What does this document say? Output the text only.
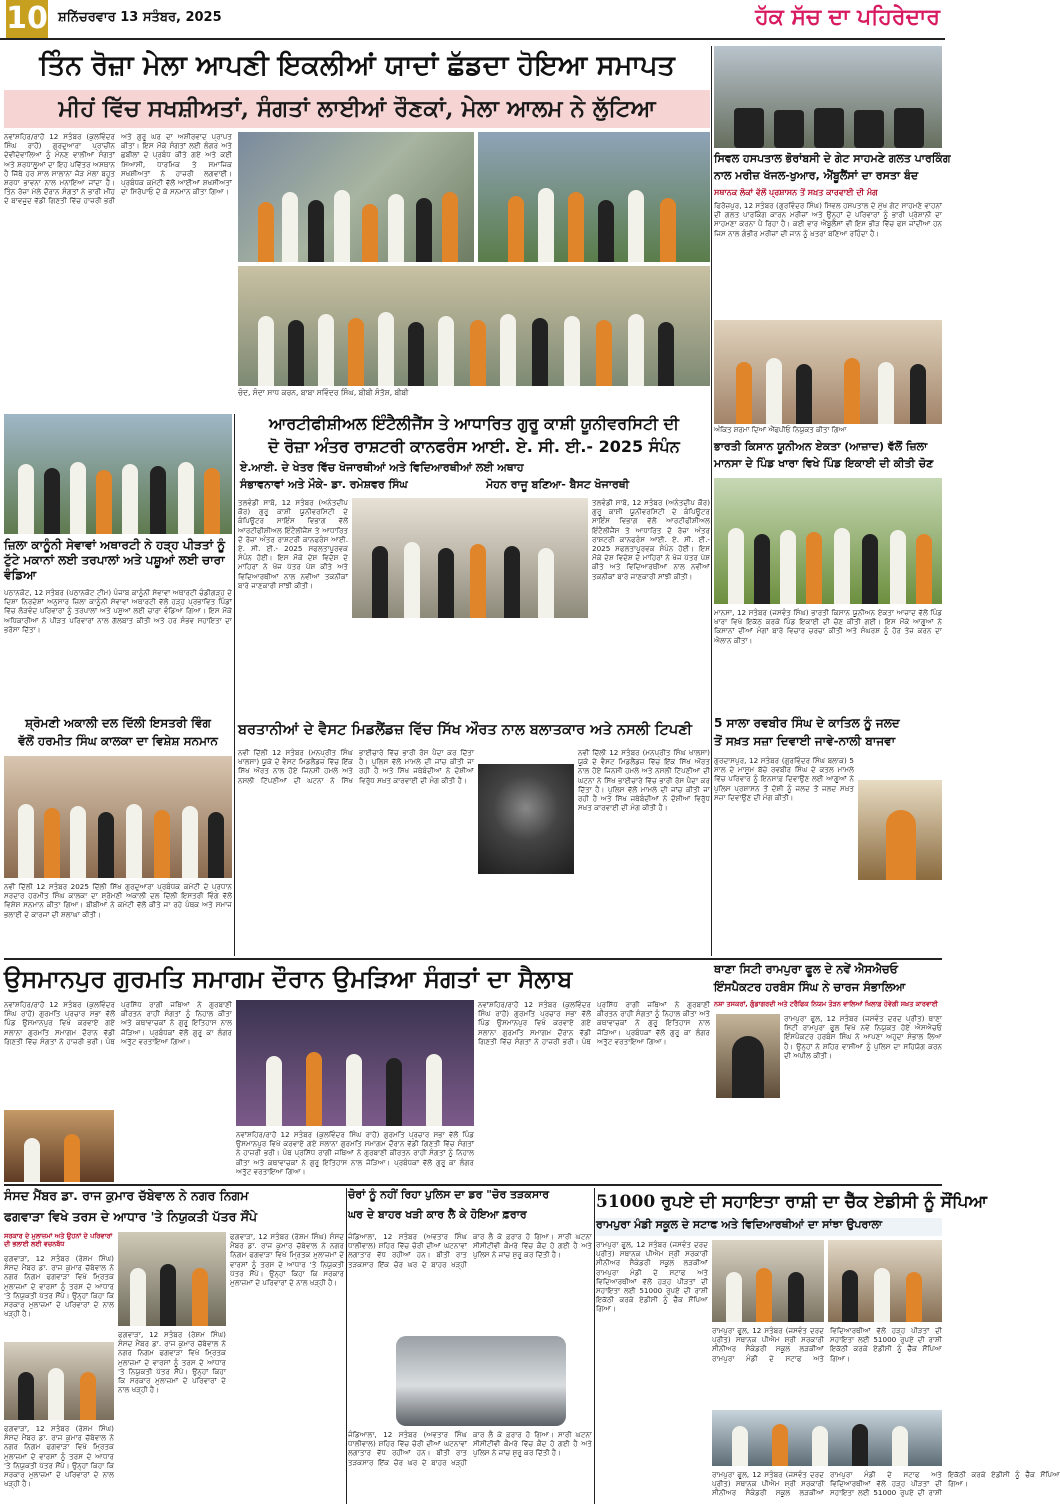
10 ਸ਼ਨਿੱਚਰਵਾਰ 13 ਸਤੰਬਰ, 2025	ਹੱਕ ਸੱਚ ਦਾ ਪਹਿਰੇਦਾਰ
ਤਿੰਨ ਰੋਜ਼ਾ ਮੇਲਾ ਆਪਣੀ ਇਕਲੀਆਂ ਯਾਦਾਂ ਛੱਡਦਾ ਹੋਇਆ ਸਮਾਪਤ
ਮੀਹਂ ਵਿੱਚ ਸਖਸ਼ੀਅਤਾਂ, ਸੰਗਤਾਂ ਲਾਈਆਂ ਰੌਣਕਾਂ, ਮੇਲਾ ਆਲਮ ਨੇ ਲੁੱਟਿਆ
ਨਵਾਂਸ਼ਹਿਰ/ਰਾਹੋਂ 12 ਸਤੰਬਰ (ਕੁਲਵਿੰਦਰ ਸਿੰਘ ਰਾਹੋਂ) ਗੁਰਦੁਆਰਾ ਪ੍ਰਾਚੀਨ ਦੇਵੀਦੇਵਾਲਿਆਂ ਨੂੰ ਮੰਨਣ ਵਾਲੀਆਂ ਸੰਗਤਾਂ ਅਤੇ ਸ਼ਰਧਾਲੂਆਂ ਦਾ ਇਹ ਪਵਿੱਤਰ ਅਸਥਾਨ ਹੈ ਜਿੱਥੇ ਹਰ ਸਾਲ ਸਾਲਾਨਾ ਜੋੜ ਮੇਲਾ ਬਹੁਤ ਸ਼ਰਧਾ ਭਾਵਨਾ ਨਾਲ ਮਨਾਇਆ ਜਾਂਦਾ ਹੈ। ਤਿੰਨ ਰੋਜ਼ਾ ਮੇਲੇ ਦੌਰਾਨ ਸੰਗਤਾਂ ਨੇ ਭਾਰੀ ਮੀਂਹ ਦੇ ਬਾਵਜੂਦ ਵੱਡੀ ਗਿਣਤੀ ਵਿੱਚ ਹਾਜ਼ਰੀ ਭਰੀ ਅਤੇ ਗੁਰੂ ਘਰ ਦਾ ਅਸ਼ੀਰਵਾਦ ਪ੍ਰਾਪਤ ਕੀਤਾ। ਇਸ ਮੌਕੇ ਸੰਗਤਾਂ ਲਈ ਲੰਗਰ ਅਤੇ ਛਬੀਲਾਂ ਦੇ ਪ੍ਰਬੰਧ ਕੀਤੇ ਗਏ ਅਤੇ ਕਈ ਸਿਆਸੀ, ਧਾਰਮਿਕ ਤੇ ਸਮਾਜਿਕ ਸਖਸ਼ੀਅਤਾਂ ਨੇ ਹਾਜ਼ਰੀ ਲਗਵਾਈ। ਪ੍ਰਬੰਧਕ ਕਮੇਟੀ ਵੱਲੋਂ ਆਈਆਂ ਸ਼ਖਸੀਅਤਾਂ ਦਾ ਸਿਰੋਪਾਓ ਦੇ ਕੇ ਸਨਮਾਨ ਕੀਤਾ ਗਿਆ।
ਚੰਦ, ਸੰਦਾ ਸਾਧ ਕਰਨ, ਬਾਬਾ ਸਵਿੰਦਰ ਸਿੰਘ, ਬੀਬੀ ਸੰਤੋਸ਼, ਬੀਬੀ
ਜ਼ਿਲਾ ਕਾਨੂੰਨੀ ਸੇਵਾਵਾਂ ਅਥਾਰਟੀ ਨੇ ਹੜ੍ਹ ਪੀੜਤਾਂ ਨੂੰ ਟੁੱਟੇ ਮਕਾਨਾਂ ਲਈ ਤਰਪਾਲਾਂ ਅਤੇ ਪਸ਼ੂਆਂ ਲਈ ਚਾਰਾ ਵੰਡਿਆ
ਪਠਾਨਕੋਟ, 12 ਸਤੰਬਰ (ਪਠਾਨਕੋਟ ਟੀਮ) ਪੰਜਾਬ ਕਾਨੂੰਨੀ ਸੇਵਾਵਾਂ ਅਥਾਰਟੀ ਚੰਡੀਗੜ੍ਹ ਦੇ ਦਿਸ਼ਾ ਨਿਰਦੇਸ਼ਾਂ ਅਨੁਸਾਰ ਜ਼ਿਲਾ ਕਾਨੂੰਨੀ ਸੇਵਾਵਾਂ ਅਥਾਰਟੀ ਵੱਲੋਂ ਹੜ੍ਹ ਪ੍ਰਭਾਵਿਤ ਪਿੰਡਾਂ ਵਿੱਚ ਲੋੜਵੰਦ ਪਰਿਵਾਰਾਂ ਨੂੰ ਤਰਪਾਲਾਂ ਅਤੇ ਪਸ਼ੂਆਂ ਲਈ ਚਾਰਾ ਵੰਡਿਆ ਗਿਆ। ਇਸ ਮੌਕੇ ਅਧਿਕਾਰੀਆਂ ਨੇ ਪੀੜਤ ਪਰਿਵਾਰਾਂ ਨਾਲ ਗੱਲਬਾਤ ਕੀਤੀ ਅਤੇ ਹਰ ਸੰਭਵ ਸਹਾਇਤਾ ਦਾ ਭਰੋਸਾ ਦਿੱਤਾ।
ਸ਼੍ਰੋਮਣੀ ਅਕਾਲੀ ਦਲ ਦਿੱਲੀ ਇਸਤਰੀ ਵਿੰਗ
ਵੱਲੋਂ ਹਰਮੀਤ ਸਿੰਘ ਕਾਲਕਾ ਦਾ ਵਿਸ਼ੇਸ਼ ਸਨਮਾਨ
ਨਵੀਂ ਦਿੱਲੀ 12 ਸਤੰਬਰ 2025 ਦਿੱਲੀ ਸਿੱਖ ਗੁਰਦੁਆਰਾ ਪ੍ਰਬੰਧਕ ਕਮੇਟੀ ਦੇ ਪ੍ਰਧਾਨ ਸਰਦਾਰ ਹਰਮੀਤ ਸਿੰਘ ਕਾਲਕਾ ਦਾ ਸ਼੍ਰੋਮਣੀ ਅਕਾਲੀ ਦਲ ਦਿੱਲੀ ਇਸਤਰੀ ਵਿੰਗ ਵੱਲੋਂ ਵਿਸ਼ੇਸ਼ ਸਨਮਾਨ ਕੀਤਾ ਗਿਆ। ਬੀਬੀਆਂ ਨੇ ਕਮੇਟੀ ਵੱਲੋਂ ਕੀਤੇ ਜਾ ਰਹੇ ਪੰਥਕ ਅਤੇ ਸਮਾਜ ਭਲਾਈ ਦੇ ਕਾਰਜਾਂ ਦੀ ਸ਼ਲਾਘਾ ਕੀਤੀ।
ਆਰਟੀਫੀਸ਼ੀਅਲ ਇੰਟੈਲੀਜੈਂਸ ਤੇ ਆਧਾਰਿਤ ਗੁਰੂ ਕਾਸ਼ੀ ਯੂਨੀਵਰਸਿਟੀ ਦੀ
ਦੋ ਰੋਜ਼ਾ ਅੰਤਰ ਰਾਸ਼ਟਰੀ ਕਾਨਫਰੰਸ ਆਈ. ਏ. ਸੀ. ਈ.- 2025 ਸੰਪੰਨ
ਏ.ਆਈ. ਦੇ ਖੇਤਰ ਵਿੱਚ ਖੋਜਾਰਥੀਆਂ ਅਤੇ ਵਿਦਿਆਰਥੀਆਂ ਲਈ ਅਥਾਹ
ਸੰਭਾਵਨਾਵਾਂ ਅਤੇ ਮੌਕੇ- ਡਾ. ਰਮੇਸ਼ਵਰ ਸਿੰਘ	ਮੋਹਨ ਰਾਜੂ ਬਣਿਆ- ਬੈਸਟ ਖੋਜਾਰਥੀ
ਤਲਵੰਡੀ ਸਾਬੋ, 12 ਸਤੰਬਰ (ਅਨੰਤਦੀਪ ਕੌਰ) ਗੁਰੂ ਕਾਸ਼ੀ ਯੂਨੀਵਰਸਿਟੀ ਦੇ ਕੰਪਿਊਟਰ ਸਾਇੰਸ ਵਿਭਾਗ ਵੱਲੋਂ ਆਰਟੀਫੀਸ਼ੀਅਲ ਇੰਟੈਲੀਜੈਂਸ ਤੇ ਆਧਾਰਿਤ ਦੋ ਰੋਜ਼ਾ ਅੰਤਰ ਰਾਸ਼ਟਰੀ ਕਾਨਫਰੰਸ ਆਈ. ਏ. ਸੀ. ਈ.- 2025 ਸਫਲਤਾਪੂਰਵਕ ਸੰਪੰਨ ਹੋਈ। ਇਸ ਮੌਕੇ ਦੇਸ਼ ਵਿਦੇਸ਼ ਦੇ ਮਾਹਿਰਾਂ ਨੇ ਖੋਜ ਪੱਤਰ ਪੇਸ਼ ਕੀਤੇ ਅਤੇ ਵਿਦਿਆਰਥੀਆਂ ਨਾਲ ਨਵੀਆਂ ਤਕਨੀਕਾਂ ਬਾਰੇ ਜਾਣਕਾਰੀ ਸਾਂਝੀ ਕੀਤੀ।
ਤਲਵੰਡੀ ਸਾਬੋ, 12 ਸਤੰਬਰ (ਅਨੰਤਦੀਪ ਕੌਰ) ਗੁਰੂ ਕਾਸ਼ੀ ਯੂਨੀਵਰਸਿਟੀ ਦੇ ਕੰਪਿਊਟਰ ਸਾਇੰਸ ਵਿਭਾਗ ਵੱਲੋਂ ਆਰਟੀਫੀਸ਼ੀਅਲ ਇੰਟੈਲੀਜੈਂਸ ਤੇ ਆਧਾਰਿਤ ਦੋ ਰੋਜ਼ਾ ਅੰਤਰ ਰਾਸ਼ਟਰੀ ਕਾਨਫਰੰਸ ਆਈ. ਏ. ਸੀ. ਈ.- 2025 ਸਫਲਤਾਪੂਰਵਕ ਸੰਪੰਨ ਹੋਈ। ਇਸ ਮੌਕੇ ਦੇਸ਼ ਵਿਦੇਸ਼ ਦੇ ਮਾਹਿਰਾਂ ਨੇ ਖੋਜ ਪੱਤਰ ਪੇਸ਼ ਕੀਤੇ ਅਤੇ ਵਿਦਿਆਰਥੀਆਂ ਨਾਲ ਨਵੀਆਂ ਤਕਨੀਕਾਂ ਬਾਰੇ ਜਾਣਕਾਰੀ ਸਾਂਝੀ ਕੀਤੀ।
ਬਰਤਾਨੀਆਂ ਦੇ ਵੈਸਟ ਮਿਡਲੈਂਡਜ਼ ਵਿੱਚ ਸਿੱਖ ਔਰਤ ਨਾਲ ਬਲਾਤਕਾਰ ਅਤੇ ਨਸਲੀ ਟਿਪਣੀ
ਨਵੀਂ ਦਿੱਲੀ 12 ਸਤੰਬਰ (ਮਨਪ੍ਰੀਤ ਸਿੰਘ ਖਾਲਸਾ) ਯੂਕੇ ਦੇ ਵੈਸਟ ਮਿਡਲੈਂਡਜ਼ ਵਿੱਚ ਇੱਕ ਸਿੱਖ ਔਰਤ ਨਾਲ ਹੋਏ ਜਿਨਸੀ ਹਮਲੇ ਅਤੇ ਨਸਲੀ ਟਿੱਪਣੀਆਂ ਦੀ ਘਟਨਾ ਨੇ ਸਿੱਖ ਭਾਈਚਾਰੇ ਵਿੱਚ ਭਾਰੀ ਰੋਸ ਪੈਦਾ ਕਰ ਦਿੱਤਾ ਹੈ। ਪੁਲਿਸ ਵੱਲੋਂ ਮਾਮਲੇ ਦੀ ਜਾਂਚ ਕੀਤੀ ਜਾ ਰਹੀ ਹੈ ਅਤੇ ਸਿੱਖ ਜਥੇਬੰਦੀਆਂ ਨੇ ਦੋਸ਼ੀਆਂ ਵਿਰੁੱਧ ਸਖ਼ਤ ਕਾਰਵਾਈ ਦੀ ਮੰਗ ਕੀਤੀ ਹੈ।
ਨਵੀਂ ਦਿੱਲੀ 12 ਸਤੰਬਰ (ਮਨਪ੍ਰੀਤ ਸਿੰਘ ਖਾਲਸਾ) ਯੂਕੇ ਦੇ ਵੈਸਟ ਮਿਡਲੈਂਡਜ਼ ਵਿੱਚ ਇੱਕ ਸਿੱਖ ਔਰਤ ਨਾਲ ਹੋਏ ਜਿਨਸੀ ਹਮਲੇ ਅਤੇ ਨਸਲੀ ਟਿੱਪਣੀਆਂ ਦੀ ਘਟਨਾ ਨੇ ਸਿੱਖ ਭਾਈਚਾਰੇ ਵਿੱਚ ਭਾਰੀ ਰੋਸ ਪੈਦਾ ਕਰ ਦਿੱਤਾ ਹੈ। ਪੁਲਿਸ ਵੱਲੋਂ ਮਾਮਲੇ ਦੀ ਜਾਂਚ ਕੀਤੀ ਜਾ ਰਹੀ ਹੈ ਅਤੇ ਸਿੱਖ ਜਥੇਬੰਦੀਆਂ ਨੇ ਦੋਸ਼ੀਆਂ ਵਿਰੁੱਧ ਸਖ਼ਤ ਕਾਰਵਾਈ ਦੀ ਮੰਗ ਕੀਤੀ ਹੈ।
ਸਿਵਲ ਹਸਪਤਾਲ ਭੋਰਾਂਬਸੀ ਦੇ ਗੇਟ ਸਾਹਮਣੇ ਗਲਤ ਪਾਰਕਿੰਗ
ਨਾਲ ਮਰੀਜ਼ ਖੱਜਲ-ਖੁਆਰ, ਐਂਬੂਲੈਂਸਾਂ ਦਾ ਰਸਤਾ ਬੰਦ
ਸਥਾਨਕ ਲੋਕਾਂ ਵੱਲੋਂ ਪ੍ਰਸ਼ਾਸਨ ਤੋਂ ਸਖ਼ਤ ਕਾਰਵਾਈ ਦੀ ਮੰਗ
ਫਿਰੋਜ਼ਪੁਰ, 12 ਸਤੰਬਰ (ਗੁਰਵਿੰਦਰ ਸਿੰਘ) ਸਿਵਲ ਹਸਪਤਾਲ ਦੇ ਮੁੱਖ ਗੇਟ ਸਾਹਮਣੇ ਵਾਹਨਾਂ ਦੀ ਗਲਤ ਪਾਰਕਿੰਗ ਕਾਰਨ ਮਰੀਜ਼ਾਂ ਅਤੇ ਉਨ੍ਹਾਂ ਦੇ ਪਰਿਵਾਰਾਂ ਨੂੰ ਭਾਰੀ ਪ੍ਰੇਸ਼ਾਨੀ ਦਾ ਸਾਹਮਣਾ ਕਰਨਾ ਪੈ ਰਿਹਾ ਹੈ। ਕਈ ਵਾਰ ਐਂਬੂਲੈਂਸਾਂ ਵੀ ਇਸ ਭੀੜ ਵਿੱਚ ਫਸ ਜਾਂਦੀਆਂ ਹਨ ਜਿਸ ਨਾਲ ਗੰਭੀਰ ਮਰੀਜ਼ਾਂ ਦੀ ਜਾਨ ਨੂੰ ਖ਼ਤਰਾ ਬਣਿਆ ਰਹਿੰਦਾ ਹੈ।
ਅੰਕਿਤ ਸ਼ਰਮਾ ਦਿਆਂ ਐੱਫਪੀਓ ਨਿਯੁਕਤ ਕੀਤਾ ਗਿਆ
ਭਾਰਤੀ ਕਿਸਾਨ ਯੂਨੀਅਨ ਏਕਤਾ (ਆਜ਼ਾਦ) ਵੱਲੋਂ ਜ਼ਿਲਾ
ਮਾਨਸਾ ਦੇ ਪਿੰਡ ਖਾਰਾ ਵਿਖੇ ਪਿੰਡ ਇਕਾਈ ਦੀ ਕੀਤੀ ਚੋਣ
ਮਾਨਸਾ, 12 ਸਤੰਬਰ (ਜਸਵੰਤ ਸਿੰਘ) ਭਾਰਤੀ ਕਿਸਾਨ ਯੂਨੀਅਨ ਏਕਤਾ ਆਜ਼ਾਦ ਵੱਲੋਂ ਪਿੰਡ ਖਾਰਾ ਵਿਖੇ ਇਕੱਠ ਕਰਕੇ ਪਿੰਡ ਇਕਾਈ ਦੀ ਚੋਣ ਕੀਤੀ ਗਈ। ਇਸ ਮੌਕੇ ਆਗੂਆਂ ਨੇ ਕਿਸਾਨਾਂ ਦੀਆਂ ਮੰਗਾਂ ਬਾਰੇ ਵਿਚਾਰ ਚਰਚਾ ਕੀਤੀ ਅਤੇ ਸੰਘਰਸ਼ ਨੂੰ ਹੋਰ ਤੇਜ਼ ਕਰਨ ਦਾ ਐਲਾਨ ਕੀਤਾ।
5 ਸਾਲਾ ਰਵਬੀਰ ਸਿੰਘ ਦੇ ਕਾਤਿਲ ਨੂੰ ਜਲਦ
ਤੋਂ ਸਖ਼ਤ ਸਜ਼ਾ ਦਿਵਾਈ ਜਾਵੇ-ਨਾਲੀ ਬਾਜਵਾ
ਗੁਰਦਾਸਪੁਰ, 12 ਸਤੰਬਰ (ਗੁਰਵਿੰਦਰ ਸਿੰਘ ਬਲਾਕ) 5 ਸਾਲ ਦੇ ਮਾਸੂਮ ਬੱਚੇ ਰਵਬੀਰ ਸਿੰਘ ਦੇ ਕਤਲ ਮਾਮਲੇ ਵਿੱਚ ਪਰਿਵਾਰ ਨੂੰ ਇਨਸਾਫ਼ ਦਿਵਾਉਣ ਲਈ ਆਗੂਆਂ ਨੇ ਪੁਲਿਸ ਪ੍ਰਸ਼ਾਸਨ ਤੋਂ ਦੋਸ਼ੀ ਨੂੰ ਜਲਦ ਤੋਂ ਜਲਦ ਸਖ਼ਤ ਸਜ਼ਾ ਦਿਵਾਉਣ ਦੀ ਮੰਗ ਕੀਤੀ।
ਉਸਮਾਨਪੁਰ ਗੁਰਮਤਿ ਸਮਾਗਮ ਦੌਰਾਨ ਉਮੜਿਆ ਸੰਗਤਾਂ ਦਾ ਸੈਲਾਬ
ਨਵਾਂਸ਼ਹਿਰ/ਰਾਹੋਂ 12 ਸਤੰਬਰ (ਕੁਲਵਿੰਦਰ ਸਿੰਘ ਰਾਹੋਂ) ਗੁਰਮਤਿ ਪ੍ਰਚਾਰ ਸਭਾ ਵੱਲੋਂ ਪਿੰਡ ਉਸਮਾਨਪੁਰ ਵਿਖੇ ਕਰਵਾਏ ਗਏ ਸਲਾਨਾ ਗੁਰਮਤਿ ਸਮਾਗਮ ਦੌਰਾਨ ਵੱਡੀ ਗਿਣਤੀ ਵਿੱਚ ਸੰਗਤਾਂ ਨੇ ਹਾਜ਼ਰੀ ਭਰੀ। ਪੰਥ ਪ੍ਰਸਿੱਧ ਰਾਗੀ ਜਥਿਆਂ ਨੇ ਗੁਰਬਾਣੀ ਕੀਰਤਨ ਰਾਹੀਂ ਸੰਗਤਾਂ ਨੂੰ ਨਿਹਾਲ ਕੀਤਾ ਅਤੇ ਕਥਾਵਾਚਕਾਂ ਨੇ ਗੁਰੂ ਇਤਿਹਾਸ ਨਾਲ ਜੋੜਿਆ। ਪ੍ਰਬੰਧਕਾਂ ਵੱਲੋਂ ਗੁਰੂ ਕਾ ਲੰਗਰ ਅਤੁੱਟ ਵਰਤਾਇਆ ਗਿਆ।
ਨਵਾਂਸ਼ਹਿਰ/ਰਾਹੋਂ 12 ਸਤੰਬਰ (ਕੁਲਵਿੰਦਰ ਸਿੰਘ ਰਾਹੋਂ) ਗੁਰਮਤਿ ਪ੍ਰਚਾਰ ਸਭਾ ਵੱਲੋਂ ਪਿੰਡ ਉਸਮਾਨਪੁਰ ਵਿਖੇ ਕਰਵਾਏ ਗਏ ਸਲਾਨਾ ਗੁਰਮਤਿ ਸਮਾਗਮ ਦੌਰਾਨ ਵੱਡੀ ਗਿਣਤੀ ਵਿੱਚ ਸੰਗਤਾਂ ਨੇ ਹਾਜ਼ਰੀ ਭਰੀ। ਪੰਥ ਪ੍ਰਸਿੱਧ ਰਾਗੀ ਜਥਿਆਂ ਨੇ ਗੁਰਬਾਣੀ ਕੀਰਤਨ ਰਾਹੀਂ ਸੰਗਤਾਂ ਨੂੰ ਨਿਹਾਲ ਕੀਤਾ ਅਤੇ ਕਥਾਵਾਚਕਾਂ ਨੇ ਗੁਰੂ ਇਤਿਹਾਸ ਨਾਲ ਜੋੜਿਆ। ਪ੍ਰਬੰਧਕਾਂ ਵੱਲੋਂ ਗੁਰੂ ਕਾ ਲੰਗਰ ਅਤੁੱਟ ਵਰਤਾਇਆ ਗਿਆ।
ਨਵਾਂਸ਼ਹਿਰ/ਰਾਹੋਂ 12 ਸਤੰਬਰ (ਕੁਲਵਿੰਦਰ ਸਿੰਘ ਰਾਹੋਂ) ਗੁਰਮਤਿ ਪ੍ਰਚਾਰ ਸਭਾ ਵੱਲੋਂ ਪਿੰਡ ਉਸਮਾਨਪੁਰ ਵਿਖੇ ਕਰਵਾਏ ਗਏ ਸਲਾਨਾ ਗੁਰਮਤਿ ਸਮਾਗਮ ਦੌਰਾਨ ਵੱਡੀ ਗਿਣਤੀ ਵਿੱਚ ਸੰਗਤਾਂ ਨੇ ਹਾਜ਼ਰੀ ਭਰੀ। ਪੰਥ ਪ੍ਰਸਿੱਧ ਰਾਗੀ ਜਥਿਆਂ ਨੇ ਗੁਰਬਾਣੀ ਕੀਰਤਨ ਰਾਹੀਂ ਸੰਗਤਾਂ ਨੂੰ ਨਿਹਾਲ ਕੀਤਾ ਅਤੇ ਕਥਾਵਾਚਕਾਂ ਨੇ ਗੁਰੂ ਇਤਿਹਾਸ ਨਾਲ ਜੋੜਿਆ। ਪ੍ਰਬੰਧਕਾਂ ਵੱਲੋਂ ਗੁਰੂ ਕਾ ਲੰਗਰ ਅਤੁੱਟ ਵਰਤਾਇਆ ਗਿਆ।
ਥਾਣਾ ਸਿਟੀ ਰਾਮਪੁਰਾ ਫੂਲ ਦੇ ਨਵੇਂ ਐਸਐਚਓ
ਇੰਸਪੈਕਟਰ ਹਰਬੰਸ ਸਿੰਘ ਨੇ ਚਾਰਜ ਸੰਭਾਲਿਆ
ਨਸ਼ਾ ਤਸਕਰਾਂ, ਗੁੰਡਾਗਰਦੀ ਅਤੇ ਟਰੈਫਿਕ ਨਿਯਮ ਤੋੜਨ ਵਾਲਿਆਂ ਖਿਲਾਫ਼ ਹੋਵੇਗੀ ਸਖ਼ਤ ਕਾਰਵਾਈ
ਰਾਮਪੁਰਾ ਫੂਲ, 12 ਸਤੰਬਰ (ਜਸਵੰਤ ਦਰਦ ਪ੍ਰੀਤ) ਥਾਣਾ ਸਿਟੀ ਰਾਮਪੁਰਾ ਫੂਲ ਵਿਖੇ ਨਵੇਂ ਨਿਯੁਕਤ ਹੋਏ ਐਸਐਚਓ ਇੰਸਪੈਕਟਰ ਹਰਬੰਸ ਸਿੰਘ ਨੇ ਆਪਣਾ ਅਹੁਦਾ ਸੰਭਾਲ ਲਿਆ ਹੈ। ਉਨ੍ਹਾਂ ਨੇ ਸ਼ਹਿਰ ਵਾਸੀਆਂ ਨੂੰ ਪੁਲਿਸ ਦਾ ਸਹਿਯੋਗ ਕਰਨ ਦੀ ਅਪੀਲ ਕੀਤੀ।
ਸੰਸਦ ਮੈਂਬਰ ਡਾ. ਰਾਜ ਕੁਮਾਰ ਚੱਬੇਵਾਲ ਨੇ ਨਗਰ ਨਿਗਮ
ਫਗਵਾੜਾ ਵਿਖੇ ਤਰਸ ਦੇ ਆਧਾਰ 'ਤੇ ਨਿਯੁਕਤੀ ਪੱਤਰ ਸੌਂਪੇ
ਸਰਕਾਰ ਦੇ ਮੁਲਾਜ਼ਮਾਂ ਅਤੇ ਉਹਨਾਂ ਦੇ ਪਰਿਵਾਰਾਂ ਦੀ ਭਲਾਈ ਲਈ ਵਚਨਬੱਧ
ਫਗਵਾੜਾ, 12 ਸਤੰਬਰ (ਰੇਸ਼ਮ ਸਿੰਘ) ਸੰਸਦ ਮੈਂਬਰ ਡਾ. ਰਾਜ ਕੁਮਾਰ ਚੱਬੇਵਾਲ ਨੇ ਨਗਰ ਨਿਗਮ ਫਗਵਾੜਾ ਵਿਖੇ ਮ੍ਰਿਤਕ ਮੁਲਾਜ਼ਮਾਂ ਦੇ ਵਾਰਸਾਂ ਨੂੰ ਤਰਸ ਦੇ ਆਧਾਰ 'ਤੇ ਨਿਯੁਕਤੀ ਪੱਤਰ ਸੌਂਪੇ। ਉਨ੍ਹਾਂ ਕਿਹਾ ਕਿ ਸਰਕਾਰ ਮੁਲਾਜ਼ਮਾਂ ਦੇ ਪਰਿਵਾਰਾਂ ਦੇ ਨਾਲ ਖੜ੍ਹੀ ਹੈ।
ਫਗਵਾੜਾ, 12 ਸਤੰਬਰ (ਰੇਸ਼ਮ ਸਿੰਘ) ਸੰਸਦ ਮੈਂਬਰ ਡਾ. ਰਾਜ ਕੁਮਾਰ ਚੱਬੇਵਾਲ ਨੇ ਨਗਰ ਨਿਗਮ ਫਗਵਾੜਾ ਵਿਖੇ ਮ੍ਰਿਤਕ ਮੁਲਾਜ਼ਮਾਂ ਦੇ ਵਾਰਸਾਂ ਨੂੰ ਤਰਸ ਦੇ ਆਧਾਰ 'ਤੇ ਨਿਯੁਕਤੀ ਪੱਤਰ ਸੌਂਪੇ। ਉਨ੍ਹਾਂ ਕਿਹਾ ਕਿ ਸਰਕਾਰ ਮੁਲਾਜ਼ਮਾਂ ਦੇ ਪਰਿਵਾਰਾਂ ਦੇ ਨਾਲ ਖੜ੍ਹੀ ਹੈ।
ਫਗਵਾੜਾ, 12 ਸਤੰਬਰ (ਰੇਸ਼ਮ ਸਿੰਘ) ਸੰਸਦ ਮੈਂਬਰ ਡਾ. ਰਾਜ ਕੁਮਾਰ ਚੱਬੇਵਾਲ ਨੇ ਨਗਰ ਨਿਗਮ ਫਗਵਾੜਾ ਵਿਖੇ ਮ੍ਰਿਤਕ ਮੁਲਾਜ਼ਮਾਂ ਦੇ ਵਾਰਸਾਂ ਨੂੰ ਤਰਸ ਦੇ ਆਧਾਰ 'ਤੇ ਨਿਯੁਕਤੀ ਪੱਤਰ ਸੌਂਪੇ। ਉਨ੍ਹਾਂ ਕਿਹਾ ਕਿ ਸਰਕਾਰ ਮੁਲਾਜ਼ਮਾਂ ਦੇ ਪਰਿਵਾਰਾਂ ਦੇ ਨਾਲ ਖੜ੍ਹੀ ਹੈ।
ਫਗਵਾੜਾ, 12 ਸਤੰਬਰ (ਰੇਸ਼ਮ ਸਿੰਘ) ਸੰਸਦ ਮੈਂਬਰ ਡਾ. ਰਾਜ ਕੁਮਾਰ ਚੱਬੇਵਾਲ ਨੇ ਨਗਰ ਨਿਗਮ ਫਗਵਾੜਾ ਵਿਖੇ ਮ੍ਰਿਤਕ ਮੁਲਾਜ਼ਮਾਂ ਦੇ ਵਾਰਸਾਂ ਨੂੰ ਤਰਸ ਦੇ ਆਧਾਰ 'ਤੇ ਨਿਯੁਕਤੀ ਪੱਤਰ ਸੌਂਪੇ। ਉਨ੍ਹਾਂ ਕਿਹਾ ਕਿ ਸਰਕਾਰ ਮੁਲਾਜ਼ਮਾਂ ਦੇ ਪਰਿਵਾਰਾਂ ਦੇ ਨਾਲ ਖੜ੍ਹੀ ਹੈ।
ਚੋਰਾਂ ਨੂੰ ਨਹੀਂ ਰਿਹਾ ਪੁਲਿਸ ਦਾ ਡਰ "ਚੋਰ ਤੜਕਸਾਰ
ਘਰ ਦੇ ਬਾਹਰ ਖੜੀ ਕਾਰ ਲੈ ਕੇ ਹੋਇਆ ਫ਼ਰਾਰ
ਜੰਡਿਆਲਾ, 12 ਸਤੰਬਰ (ਅਵਤਾਰ ਸਿੰਘ ਧਾਲੀਵਾਲ) ਸ਼ਹਿਰ ਵਿੱਚ ਚੋਰੀ ਦੀਆਂ ਘਟਨਾਵਾਂ ਲਗਾਤਾਰ ਵੱਧ ਰਹੀਆਂ ਹਨ। ਬੀਤੀ ਰਾਤ ਤੜਕਸਾਰ ਇੱਕ ਚੋਰ ਘਰ ਦੇ ਬਾਹਰ ਖੜ੍ਹੀ ਕਾਰ ਲੈ ਕੇ ਫ਼ਰਾਰ ਹੋ ਗਿਆ। ਸਾਰੀ ਘਟਨਾ ਸੀਸੀਟੀਵੀ ਕੈਮਰੇ ਵਿੱਚ ਕੈਦ ਹੋ ਗਈ ਹੈ ਅਤੇ ਪੁਲਿਸ ਨੇ ਜਾਂਚ ਸ਼ੁਰੂ ਕਰ ਦਿੱਤੀ ਹੈ।
ਜੰਡਿਆਲਾ, 12 ਸਤੰਬਰ (ਅਵਤਾਰ ਸਿੰਘ ਧਾਲੀਵਾਲ) ਸ਼ਹਿਰ ਵਿੱਚ ਚੋਰੀ ਦੀਆਂ ਘਟਨਾਵਾਂ ਲਗਾਤਾਰ ਵੱਧ ਰਹੀਆਂ ਹਨ। ਬੀਤੀ ਰਾਤ ਤੜਕਸਾਰ ਇੱਕ ਚੋਰ ਘਰ ਦੇ ਬਾਹਰ ਖੜ੍ਹੀ ਕਾਰ ਲੈ ਕੇ ਫ਼ਰਾਰ ਹੋ ਗਿਆ। ਸਾਰੀ ਘਟਨਾ ਸੀਸੀਟੀਵੀ ਕੈਮਰੇ ਵਿੱਚ ਕੈਦ ਹੋ ਗਈ ਹੈ ਅਤੇ ਪੁਲਿਸ ਨੇ ਜਾਂਚ ਸ਼ੁਰੂ ਕਰ ਦਿੱਤੀ ਹੈ।
51000 ਰੁਪਏ ਦੀ ਸਹਾਇਤਾ ਰਾਸ਼ੀ ਦਾ ਚੈੱਕ ਏਡੀਸੀ ਨੂੰ ਸੌਂਪਿਆ
ਰਾਮਪੁਰਾ ਮੰਡੀ ਸਕੂਲ ਦੇ ਸਟਾਫ ਅਤੇ ਵਿਦਿਆਰਥੀਆਂ ਦਾ ਸਾਂਝਾ ਉਪਰਾਲਾ
ਰਾਮਪੁਰਾ ਫੂਲ, 12 ਸਤੰਬਰ (ਜਸਵੰਤ ਦਰਦ ਪ੍ਰੀਤ) ਸਥਾਨਕ ਪੀਐਮ ਸ਼੍ਰੀ ਸਰਕਾਰੀ ਸੀਨੀਅਰ ਸੈਕੰਡਰੀ ਸਕੂਲ ਲੜਕੀਆਂ ਰਾਮਪੁਰਾ ਮੰਡੀ ਦੇ ਸਟਾਫ ਅਤੇ ਵਿਦਿਆਰਥੀਆਂ ਵੱਲੋਂ ਹੜ੍ਹ ਪੀੜਤਾਂ ਦੀ ਸਹਾਇਤਾ ਲਈ 51000 ਰੁਪਏ ਦੀ ਰਾਸ਼ੀ ਇਕੱਠੀ ਕਰਕੇ ਏਡੀਸੀ ਨੂੰ ਚੈੱਕ ਸੌਂਪਿਆ ਗਿਆ।
ਰਾਮਪੁਰਾ ਫੂਲ, 12 ਸਤੰਬਰ (ਜਸਵੰਤ ਦਰਦ ਪ੍ਰੀਤ) ਸਥਾਨਕ ਪੀਐਮ ਸ਼੍ਰੀ ਸਰਕਾਰੀ ਸੀਨੀਅਰ ਸੈਕੰਡਰੀ ਸਕੂਲ ਲੜਕੀਆਂ ਰਾਮਪੁਰਾ ਮੰਡੀ ਦੇ ਸਟਾਫ ਅਤੇ ਵਿਦਿਆਰਥੀਆਂ ਵੱਲੋਂ ਹੜ੍ਹ ਪੀੜਤਾਂ ਦੀ ਸਹਾਇਤਾ ਲਈ 51000 ਰੁਪਏ ਦੀ ਰਾਸ਼ੀ ਇਕੱਠੀ ਕਰਕੇ ਏਡੀਸੀ ਨੂੰ ਚੈੱਕ ਸੌਂਪਿਆ ਗਿਆ।
ਰਾਮਪੁਰਾ ਫੂਲ, 12 ਸਤੰਬਰ (ਜਸਵੰਤ ਦਰਦ ਪ੍ਰੀਤ) ਸਥਾਨਕ ਪੀਐਮ ਸ਼੍ਰੀ ਸਰਕਾਰੀ ਸੀਨੀਅਰ ਸੈਕੰਡਰੀ ਸਕੂਲ ਲੜਕੀਆਂ ਰਾਮਪੁਰਾ ਮੰਡੀ ਦੇ ਸਟਾਫ ਅਤੇ ਵਿਦਿਆਰਥੀਆਂ ਵੱਲੋਂ ਹੜ੍ਹ ਪੀੜਤਾਂ ਦੀ ਸਹਾਇਤਾ ਲਈ 51000 ਰੁਪਏ ਦੀ ਰਾਸ਼ੀ ਇਕੱਠੀ ਕਰਕੇ ਏਡੀਸੀ ਨੂੰ ਚੈੱਕ ਸੌਂਪਿਆ ਗਿਆ।
